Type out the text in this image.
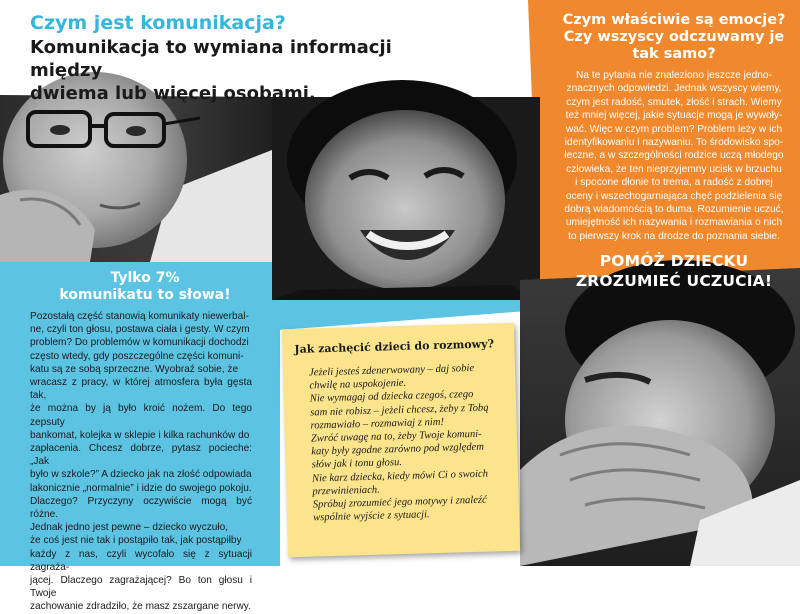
Czym jest komunikacja?
Komunikacja to wymiana informacji między
dwiema lub więcej osobami.
Czym właściwie są emocje?
Czy wszyscy odczuwamy je
tak samo?
Na te pytania nie znaleziono jeszcze jedno-
znacznych odpowiedzi. Jednak wszyscy wiemy,
czym jest radość, smutek, złość i strach. Wiemy
też mniej więcej, jakie sytuacje mogą je wywoły-
wać. Więc w czym problem? Problem leży w ich
identyfikowaniu i nazywaniu. To środowisko spo-
łeczne, a w szczególności rodzice uczą młodego
człowieka, że ten nieprzyjemny ucisk w brzuchu
i spocone dłonie to trema, a radość z dobrej
oceny i wszechogarniająca chęć podzielenia się
dobrą wiadomością to duma. Rozumienie uczuć,
umiejętność ich nazywania i rozmawiania o nich
to pierwszy krok na drodze do poznania siebie.
POMÓŻ DZIECKU
ZROZUMIEĆ UCZUCIA!
Tylko 7%
komunikatu to słowa!
Pozostałą część stanowią komunikaty niewerbal-
ne, czyli ton głosu, postawa ciała i gesty. W czym
problem? Do problemów w komunikacji dochodzi
często wtedy, gdy poszczególne części komuni-
katu są ze sobą sprzeczne. Wyobraź sobie, że
wracasz z pracy, w której atmosfera była gęsta tak,
że można by ją było kroić nożem. Do tego zepsuty
bankomat, kolejka w sklepie i kilka rachunków do
zapłacenia. Chcesz dobrze, pytasz pocieche: „Jak
było w szkole?” A dziecko jak na złość odpowiada
lakonicznie „normalnie” i idzie do swojego pokoju.
Dlaczego? Przyczyny oczywiście mogą być różne.
Jednak jedno jest pewne – dziecko wyczuło,
że coś jest nie tak i postąpiło tak, jak postąpiłby
każdy z nas, czyli wycofało się z sytuacji zagraża-
jącej. Dlaczego zagrażającej? Bo ton głosu i Twoje
zachowanie zdradziło, że masz zszargane nerwy.
Jak zachęcić dzieci do rozmowy?
Jeżeli jesteś zdenerwowany – daj sobie
chwilę na uspokojenie.
Nie wymagaj od dziecka czegoś, czego
sam nie robisz – jeżeli chcesz, żeby z Tobą
rozmawiało – rozmawiaj z nim!
Zwróć uwagę na to, żeby Twoje komuni-
katy były zgodne zarówno pod względem
słów jak i tonu głosu.
Nie karz dziecka, kiedy mówi Ci o swoich
przewinieniach.
Spróbuj zrozumieć jego motywy i znaleźć
wspólnie wyjście z sytuacji.
